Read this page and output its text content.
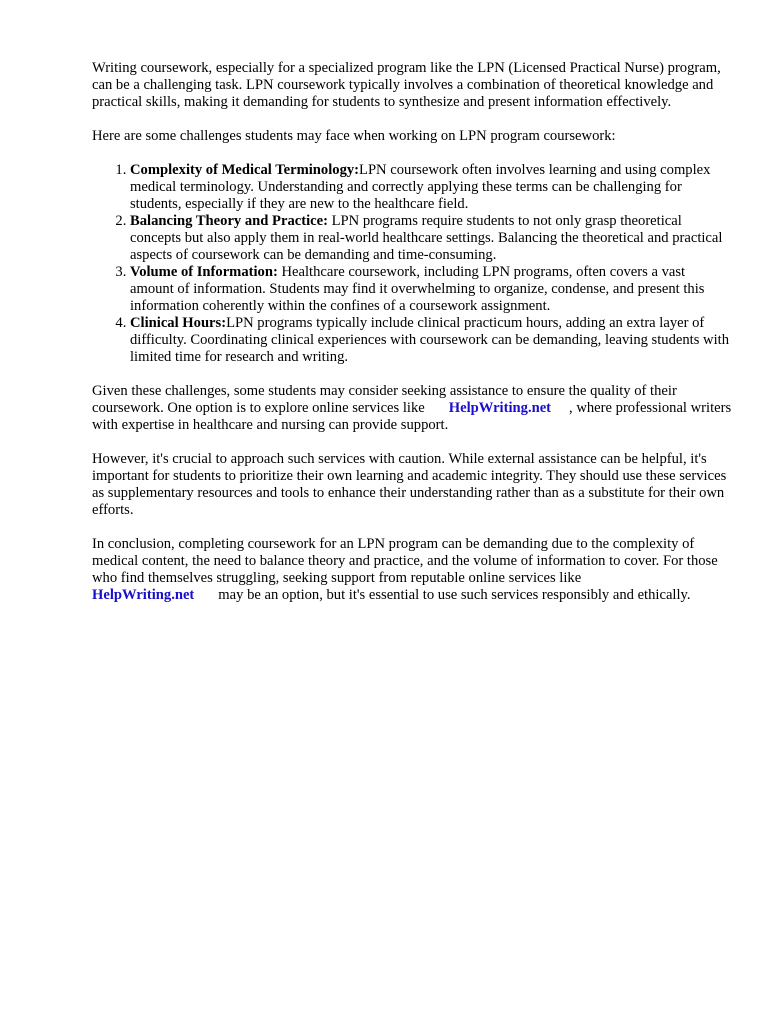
Writing coursework, especially for a specialized program like the LPN (Licensed Practical Nurse) program, can be a challenging task. LPN coursework typically involves a combination of theoretical knowledge and practical skills, making it demanding for students to synthesize and present information effectively.

Here are some challenges students may face when working on LPN program coursework:

1. Complexity of Medical Terminology:LPN coursework often involves learning and using complex medical terminology. Understanding and correctly applying these terms can be challenging for students, especially if they are new to the healthcare field.
2. Balancing Theory and Practice: LPN programs require students to not only grasp theoretical concepts but also apply them in real-world healthcare settings. Balancing the theoretical and practical aspects of coursework can be demanding and time-consuming.
3. Volume of Information: Healthcare coursework, including LPN programs, often covers a vast amount of information. Students may find it overwhelming to organize, condense, and present this information coherently within the confines of a coursework assignment.
4. Clinical Hours:LPN programs typically include clinical practicum hours, adding an extra layer of difficulty. Coordinating clinical experiences with coursework can be demanding, leaving students with limited time for research and writing.

Given these challenges, some students may consider seeking assistance to ensure the quality of their coursework. One option is to explore online services like HelpWriting.net , where professional writers with expertise in healthcare and nursing can provide support.

However, it's crucial to approach such services with caution. While external assistance can be helpful, it's important for students to prioritize their own learning and academic integrity. They should use these services as supplementary resources and tools to enhance their understanding rather than as a substitute for their own efforts.

In conclusion, completing coursework for an LPN program can be demanding due to the complexity of medical content, the need to balance theory and practice, and the volume of information to cover. For those who find themselves struggling, seeking support from reputable online services like
HelpWriting.net may be an option, but it's essential to use such services responsibly and ethically.
